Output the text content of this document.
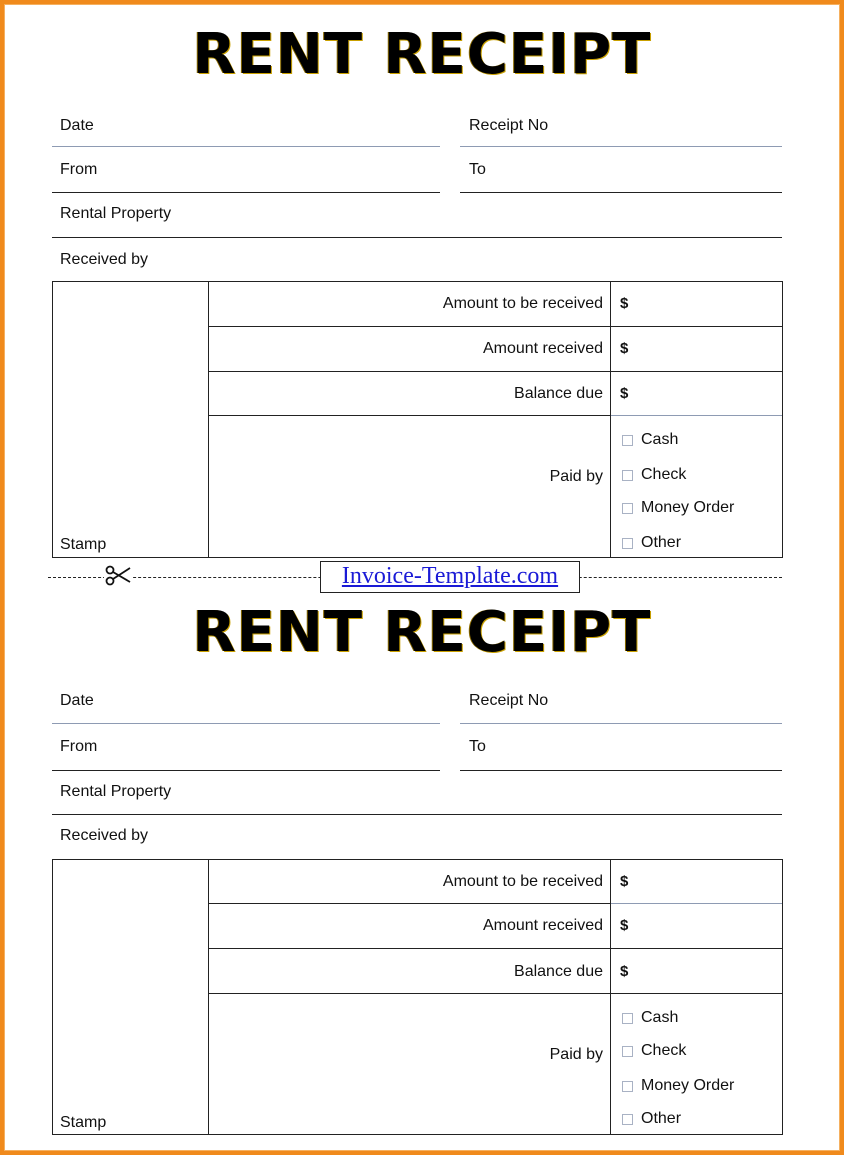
RENT RECEIPT
Date	Receipt No
From	To
Rental Property
Received by
Amount to be received $
Amount received $
Balance due $
Paid by
Cash
Check
Money Order
Other
Stamp
Invoice-Template.com
RENT RECEIPT
Date	Receipt No
From	To
Rental Property
Received by
Amount to be received $
Amount received $
Balance due $
Paid by
Cash
Check
Money Order
Other
Stamp
